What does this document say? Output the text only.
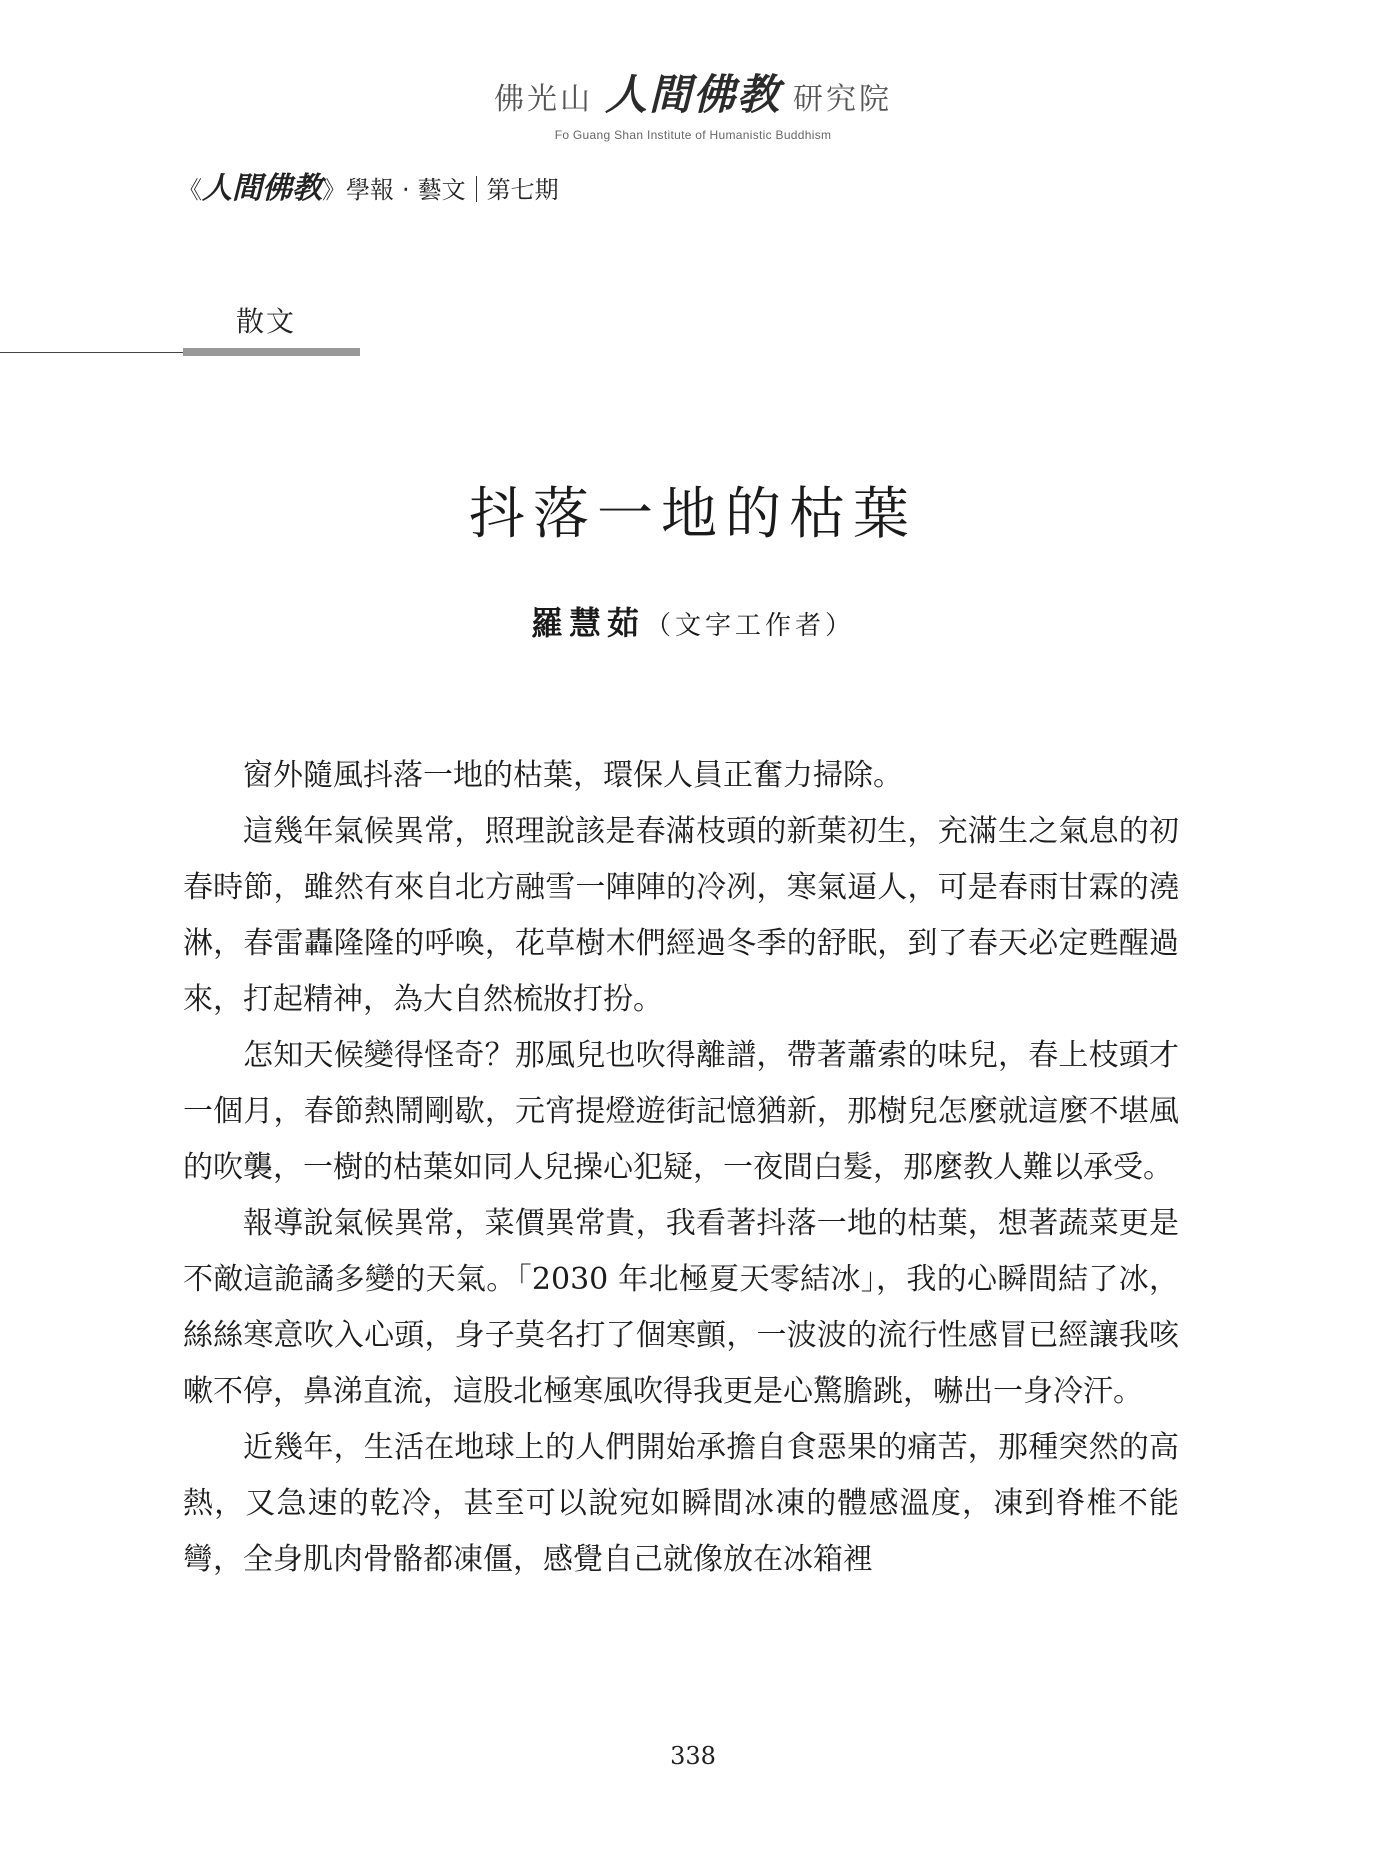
佛光山 人間佛教 研究院
Fo Guang Shan Institute of Humanistic Buddhism
《 人間佛教 》 學報 ‧ 藝文 第七期
散文
抖落一地的枯葉
羅慧茹（文字工作者）

窗外隨風抖落一地的枯葉，環保人員正奮力掃除。

這幾年氣候異常，照理說該是春滿枝頭的新葉初生，充滿生之氣息的初春時節，雖然有來自北方融雪一陣陣的冷冽，寒氣逼人，可是春雨甘霖的澆淋，春雷轟隆隆的呼喚，花草樹木們經過冬季的舒眠，到了春天必定甦醒過來，打起精神，為大自然梳妝打扮。

怎知天候變得怪奇？那風兒也吹得離譜，帶著蕭索的味兒，春上枝頭才一個月，春節熱鬧剛歇，元宵提燈遊街記憶猶新，那樹兒怎麼就這麼不堪風的吹襲，一樹的枯葉如同人兒操心犯疑，一夜間白髮，那麼教人難以承受。

報導說氣候異常，菜價異常貴，我看著抖落一地的枯葉，想著蔬菜更是不敵這詭譎多變的天氣。「2030 年北極夏天零結冰」，我的心瞬間結了冰，絲絲寒意吹入心頭，身子莫名打了個寒顫，一波波的流行性感冒已經讓我咳嗽不停，鼻涕直流，這股北極寒風吹得我更是心驚膽跳，嚇出一身冷汗。

近幾年，生活在地球上的人們開始承擔自食惡果的痛苦，那種突然的高熱，又急速的乾冷，甚至可以說宛如瞬間冰凍的體感溫度，凍到脊椎不能彎，全身肌肉骨骼都凍僵，感覺自己就像放在冰箱裡

338
